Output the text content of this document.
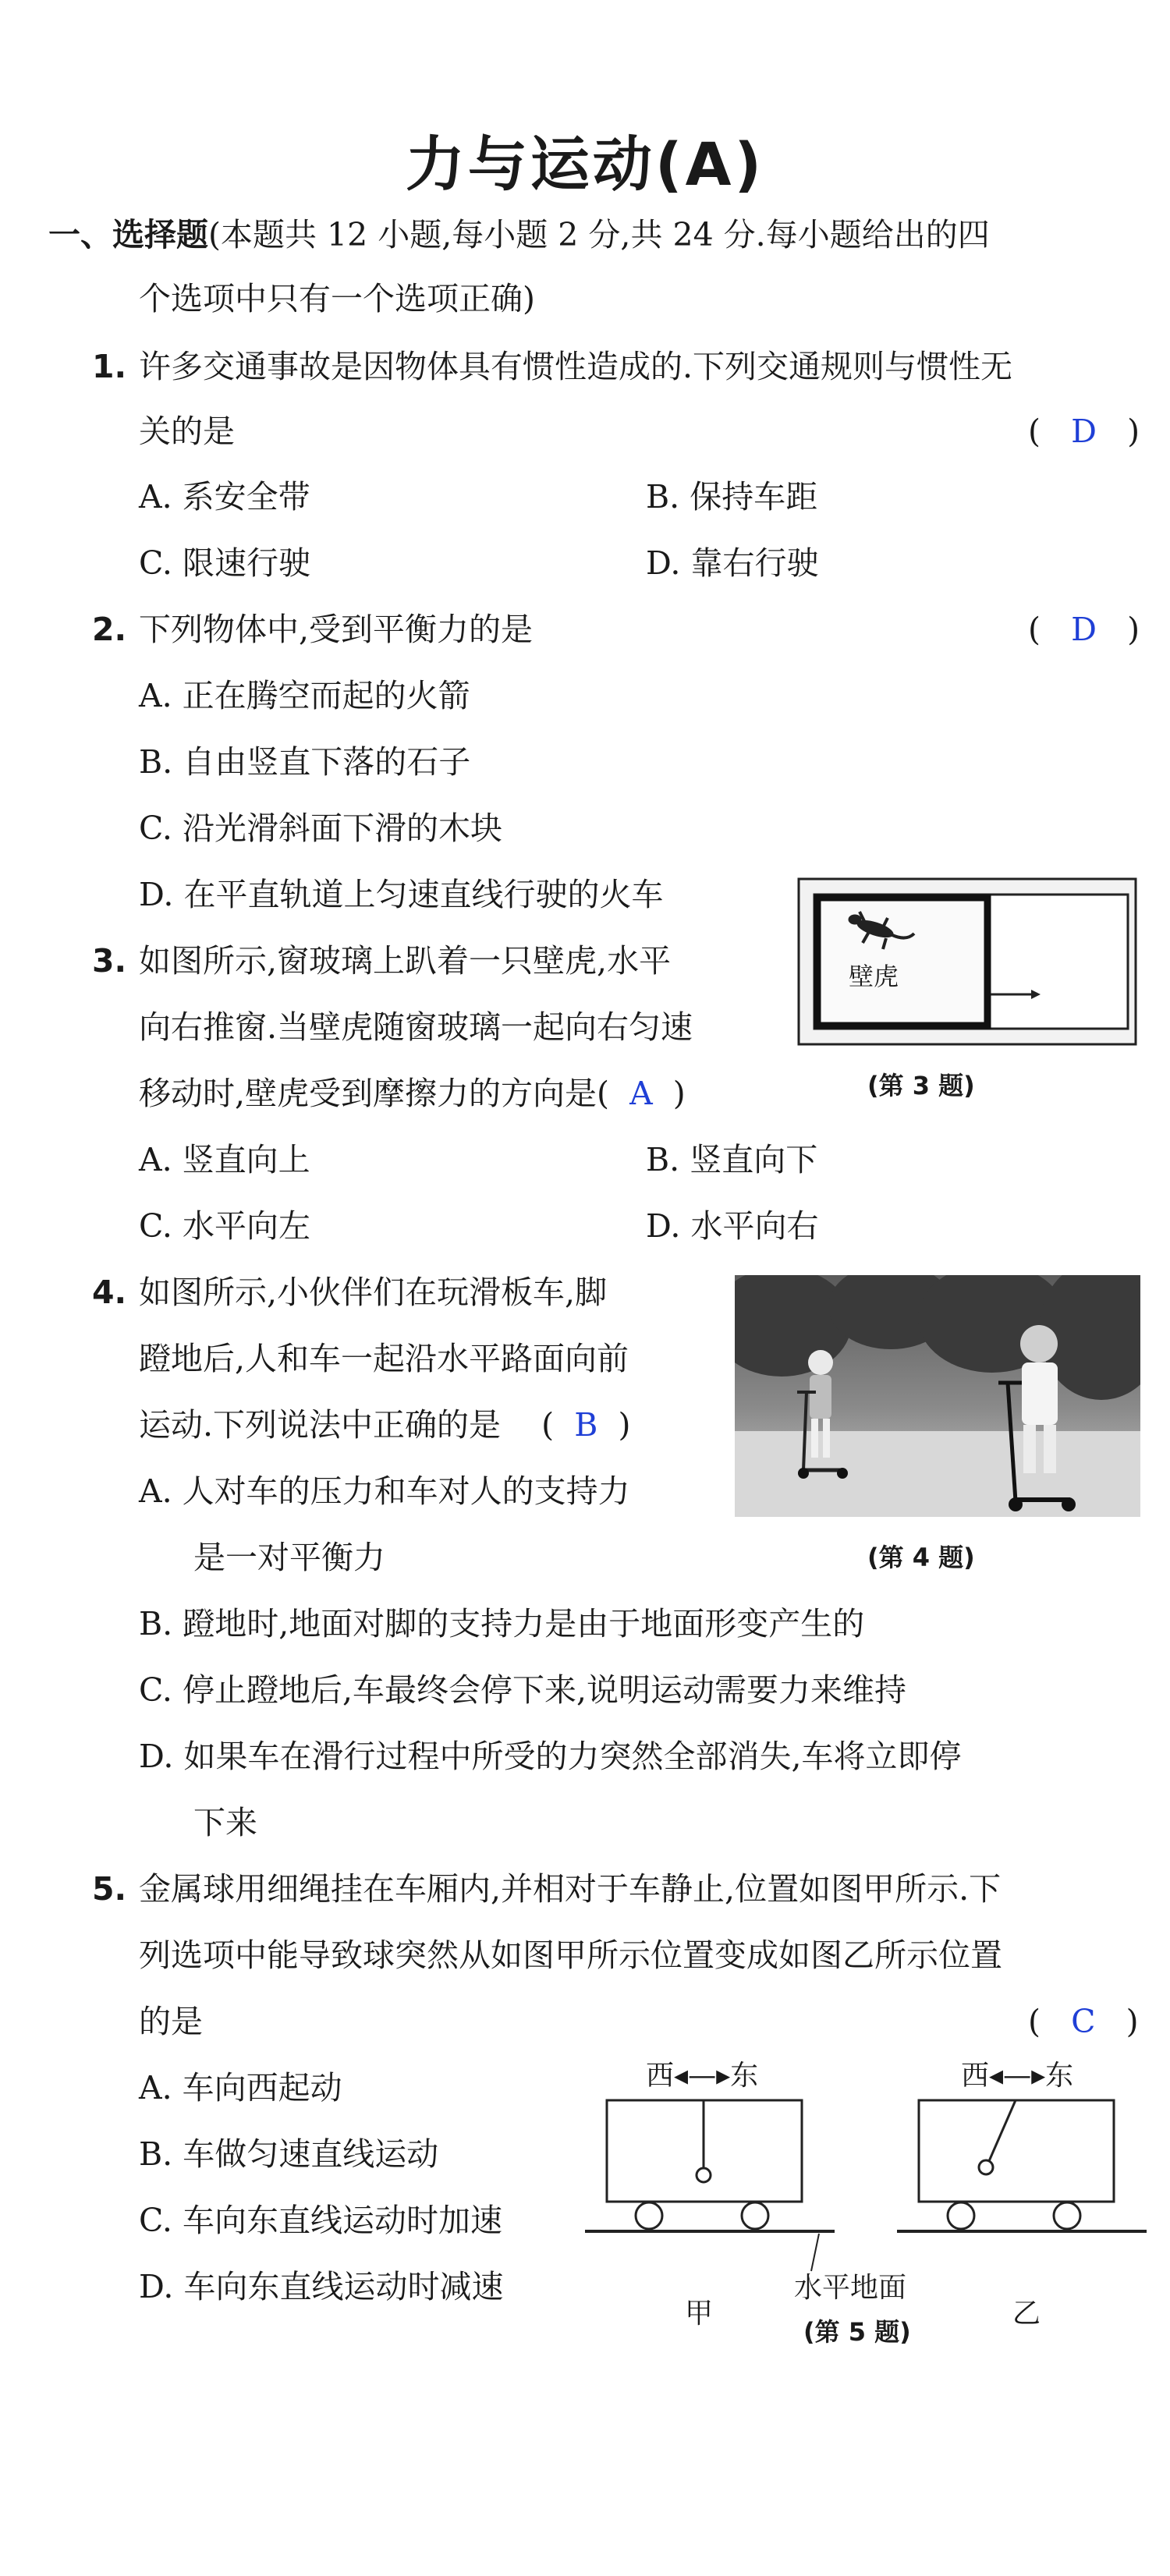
力与运动(A)
一、选择题(本题共 12 小题,每小题 2 分,共 24 分.每小题给出的四
个选项中只有一个选项正确)
1. 许多交通事故是因物体具有惯性造成的.下列交通规则与惯性无
关的是	(   D   )
A. 系安全带	B. 保持车距
C. 限速行驶	D. 靠右行驶
2. 下列物体中,受到平衡力的是	(   D   )
A. 正在腾空而起的火箭
B. 自由竖直下落的石子
C. 沿光滑斜面下滑的木块
D. 在平直轨道上匀速直线行驶的火车
壁虎
(第 3 题)
3. 如图所示,窗玻璃上趴着一只壁虎,水平
向右推窗.当壁虎随窗玻璃一起向右匀速
移动时,壁虎受到摩擦力的方向是( A  )
A. 竖直向上	B. 竖直向下
C. 水平向左	D. 水平向右
(第 4 题)
4. 如图所示,小伙伴们在玩滑板车,脚
蹬地后,人和车一起沿水平路面向前
运动.下列说法中正确的是    (  B  )
A. 人对车的压力和车对人的支持力
是一对平衡力
B. 蹬地时,地面对脚的支持力是由于地面形变产生的
C. 停止蹬地后,车最终会停下来,说明运动需要力来维持
D. 如果车在滑行过程中所受的力突然全部消失,车将立即停
下来
5. 金属球用细绳挂在车厢内,并相对于车静止,位置如图甲所示.下
列选项中能导致球突然从如图甲所示位置变成如图乙所示位置
的是	(   C   )
A. 车向西起动
B. 车做匀速直线运动
C. 车向东直线运动时加速
D. 车向东直线运动时减速
西◂—▸东	西◂—▸东
甲
水平地面
乙
(第 5 题)
